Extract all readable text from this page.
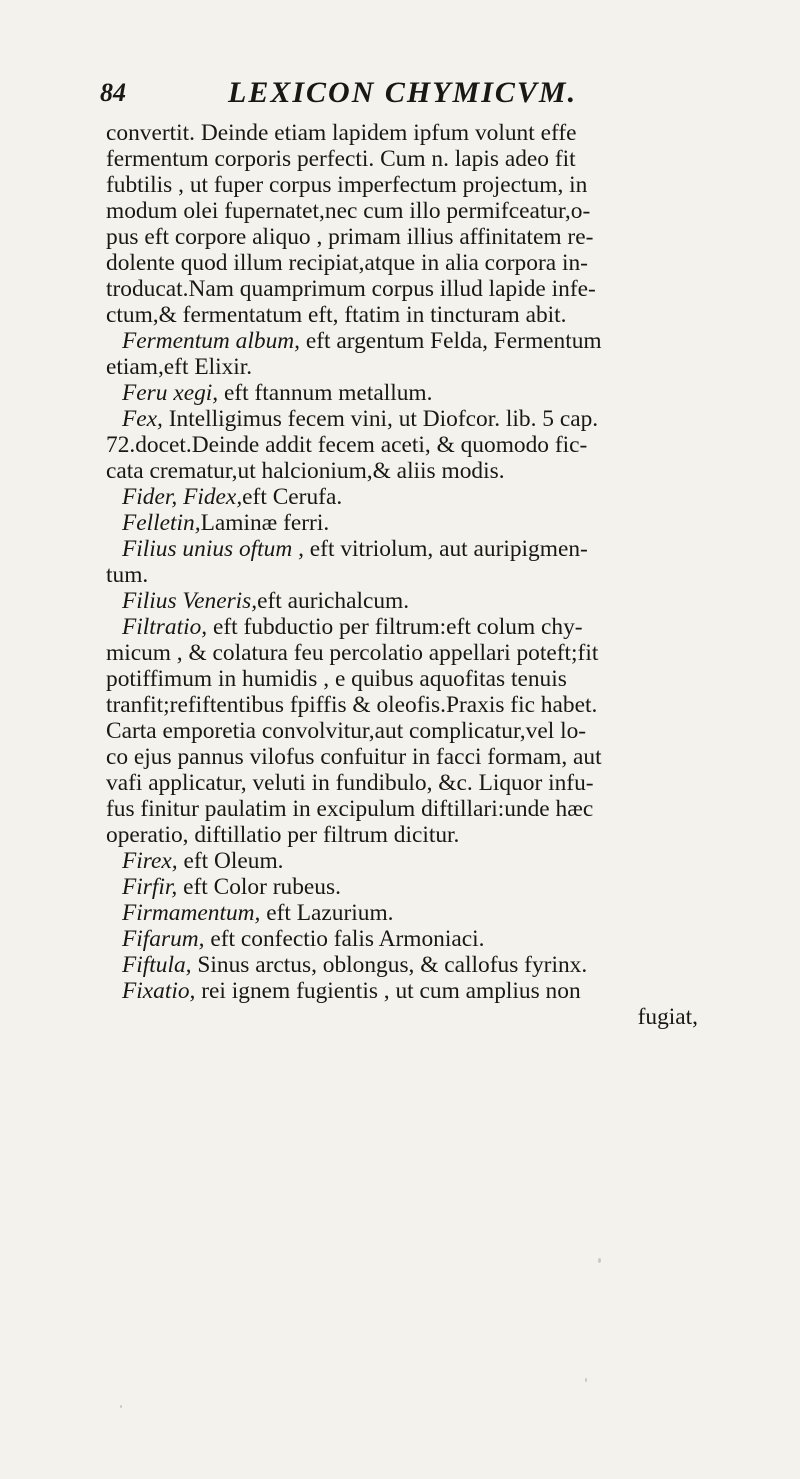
84	LEXICON CHYMICVM.
convertit. Deinde etiam lapidem ipfum volunt effe
fermentum corporis perfecti. Cum n. lapis adeo fit
fubtilis , ut fuper corpus imperfectum projectum, in
modum olei fupernatet,nec cum illo permifceatur,o-
pus eft corpore aliquo , primam illius affinitatem re-
dolente quod illum recipiat,atque in alia corpora in-
troducat.Nam quamprimum corpus illud lapide infe-
ctum,& fermentatum eft, ftatim in tincturam abit.
Fermentum album, eft argentum Felda, Fermentum
etiam,eft Elixir.
Feru xegi, eft ftannum metallum.
Fex, Intelligimus fecem vini, ut Diofcor. lib. 5 cap.
72.docet.Deinde addit fecem aceti, & quomodo fic-
cata crematur,ut halcionium,& aliis modis.
Fider, Fidex,eft Cerufa.
Felletin,Laminæ ferri.
Filius unius oftum , eft vitriolum, aut auripigmen-
tum.
Filius Veneris,eft aurichalcum.
Filtratio, eft fubductio per filtrum:eft colum chy-
micum , & colatura feu percolatio appellari poteft;fit
potiffimum in humidis , e quibus aquofitas tenuis
tranfit;refiftentibus fpiffis & oleofis.Praxis fic habet.
Carta emporetia convolvitur,aut complicatur,vel lo-
co ejus pannus vilofus confuitur in facci formam, aut
vafi applicatur, veluti in fundibulo, &c. Liquor infu-
fus finitur paulatim in excipulum diftillari:unde hæc
operatio, diftillatio per filtrum dicitur.
Firex, eft Oleum.
Firfir, eft Color rubeus.
Firmamentum, eft Lazurium.
Fifarum, eft confectio falis Armoniaci.
Fiftula, Sinus arctus, oblongus, & callofus fyrinx.
Fixatio, rei ignem fugientis , ut cum amplius non
fugiat,
